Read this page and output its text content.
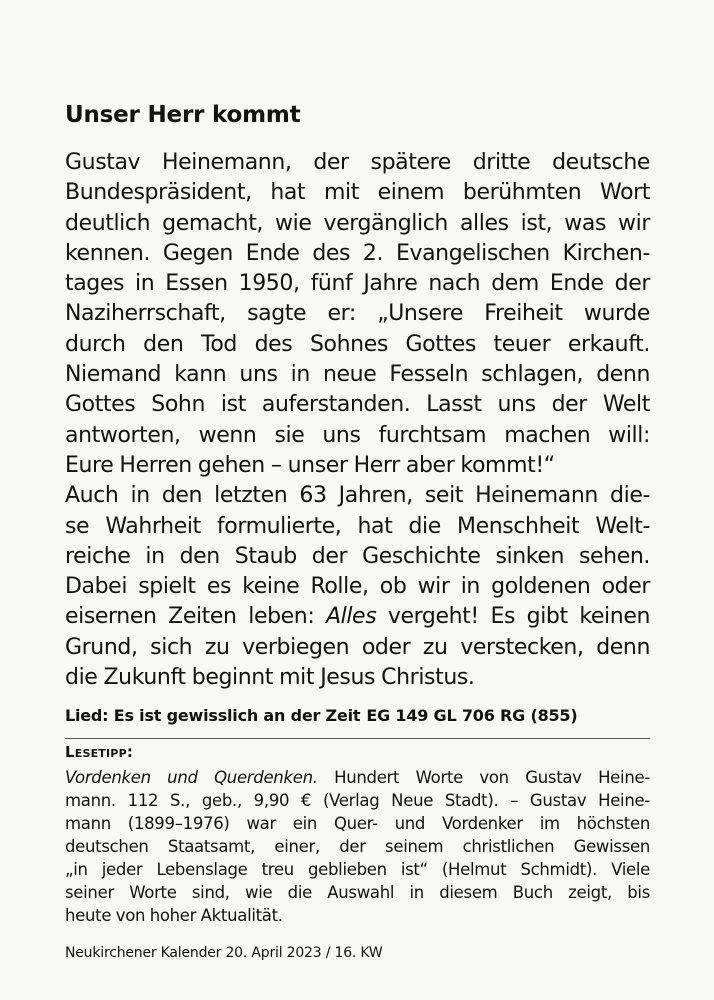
Unser Herr kommt
Gustav Heinemann, der spätere dritte deutsche
Bundespräsident, hat mit einem berühmten Wort
deutlich gemacht, wie vergänglich alles ist, was wir
kennen. Gegen Ende des 2. Evangelischen Kirchen-
tages in Essen 1950, fünf Jahre nach dem Ende der
Naziherrschaft, sagte er: „Unsere Freiheit wurde
durch den Tod des Sohnes Gottes teuer erkauft.
Niemand kann uns in neue Fesseln schlagen, denn
Gottes Sohn ist auferstanden. Lasst uns der Welt
antworten, wenn sie uns furchtsam machen will:
Eure Herren gehen – unser Herr aber kommt!“
Auch in den letzten 63 Jahren, seit Heinemann die-
se Wahrheit formulierte, hat die Menschheit Welt-
reiche in den Staub der Geschichte sinken sehen.
Dabei spielt es keine Rolle, ob wir in goldenen oder
eisernen Zeiten leben: Alles vergeht! Es gibt keinen
Grund, sich zu verbiegen oder zu verstecken, denn
die Zukunft beginnt mit Jesus Christus.
Lied: Es ist gewisslich an der Zeit EG 149 GL 706 RG (855)
Lesetipp:
Vordenken und Querdenken. Hundert Worte von Gustav Heine-
mann. 112 S., geb., 9,90 € (Verlag Neue Stadt). – Gustav Heine-
mann (1899–1976) war ein Quer- und Vordenker im höchsten
deutschen Staatsamt, einer, der seinem christlichen Gewissen
„in jeder Lebenslage treu geblieben ist“ (Helmut Schmidt). Viele
seiner Worte sind, wie die Auswahl in diesem Buch zeigt, bis
heute von hoher Aktualität.
Neukirchener Kalender 20. April 2023 / 16. KW
